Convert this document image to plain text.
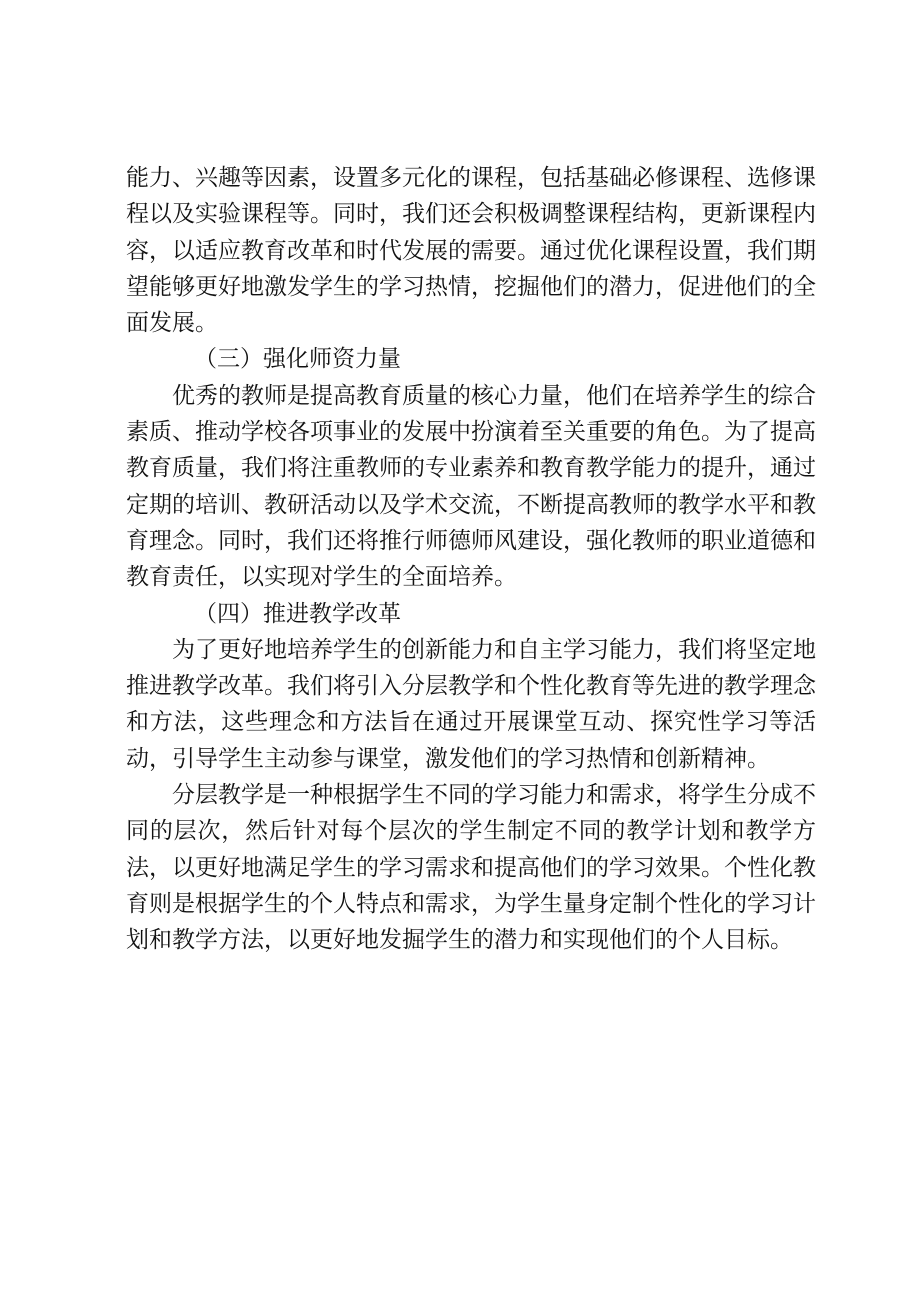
能力、兴趣等因素，设置多元化的课程，包括基础必修课程、选修课程以及实验课程等。同时，我们还会积极调整课程结构，更新课程内容，以适应教育改革和时代发展的需要。通过优化课程设置，我们期望能够更好地激发学生的学习热情，挖掘他们的潜力，促进他们的全面发展。

（三）强化师资力量

优秀的教师是提高教育质量的核心力量，他们在培养学生的综合素质、推动学校各项事业的发展中扮演着至关重要的角色。为了提高教育质量，我们将注重教师的专业素养和教育教学能力的提升，通过定期的培训、教研活动以及学术交流，不断提高教师的教学水平和教育理念。同时，我们还将推行师德师风建设，强化教师的职业道德和教育责任，以实现对学生的全面培养。

（四）推进教学改革

为了更好地培养学生的创新能力和自主学习能力，我们将坚定地推进教学改革。我们将引入分层教学和个性化教育等先进的教学理念和方法，这些理念和方法旨在通过开展课堂互动、探究性学习等活动，引导学生主动参与课堂，激发他们的学习热情和创新精神。

分层教学是一种根据学生不同的学习能力和需求，将学生分成不同的层次，然后针对每个层次的学生制定不同的教学计划和教学方法，以更好地满足学生的学习需求和提高他们的学习效果。个性化教育则是根据学生的个人特点和需求，为学生量身定制个性化的学习计划和教学方法，以更好地发掘学生的潜力和实现他们的个人目标。
